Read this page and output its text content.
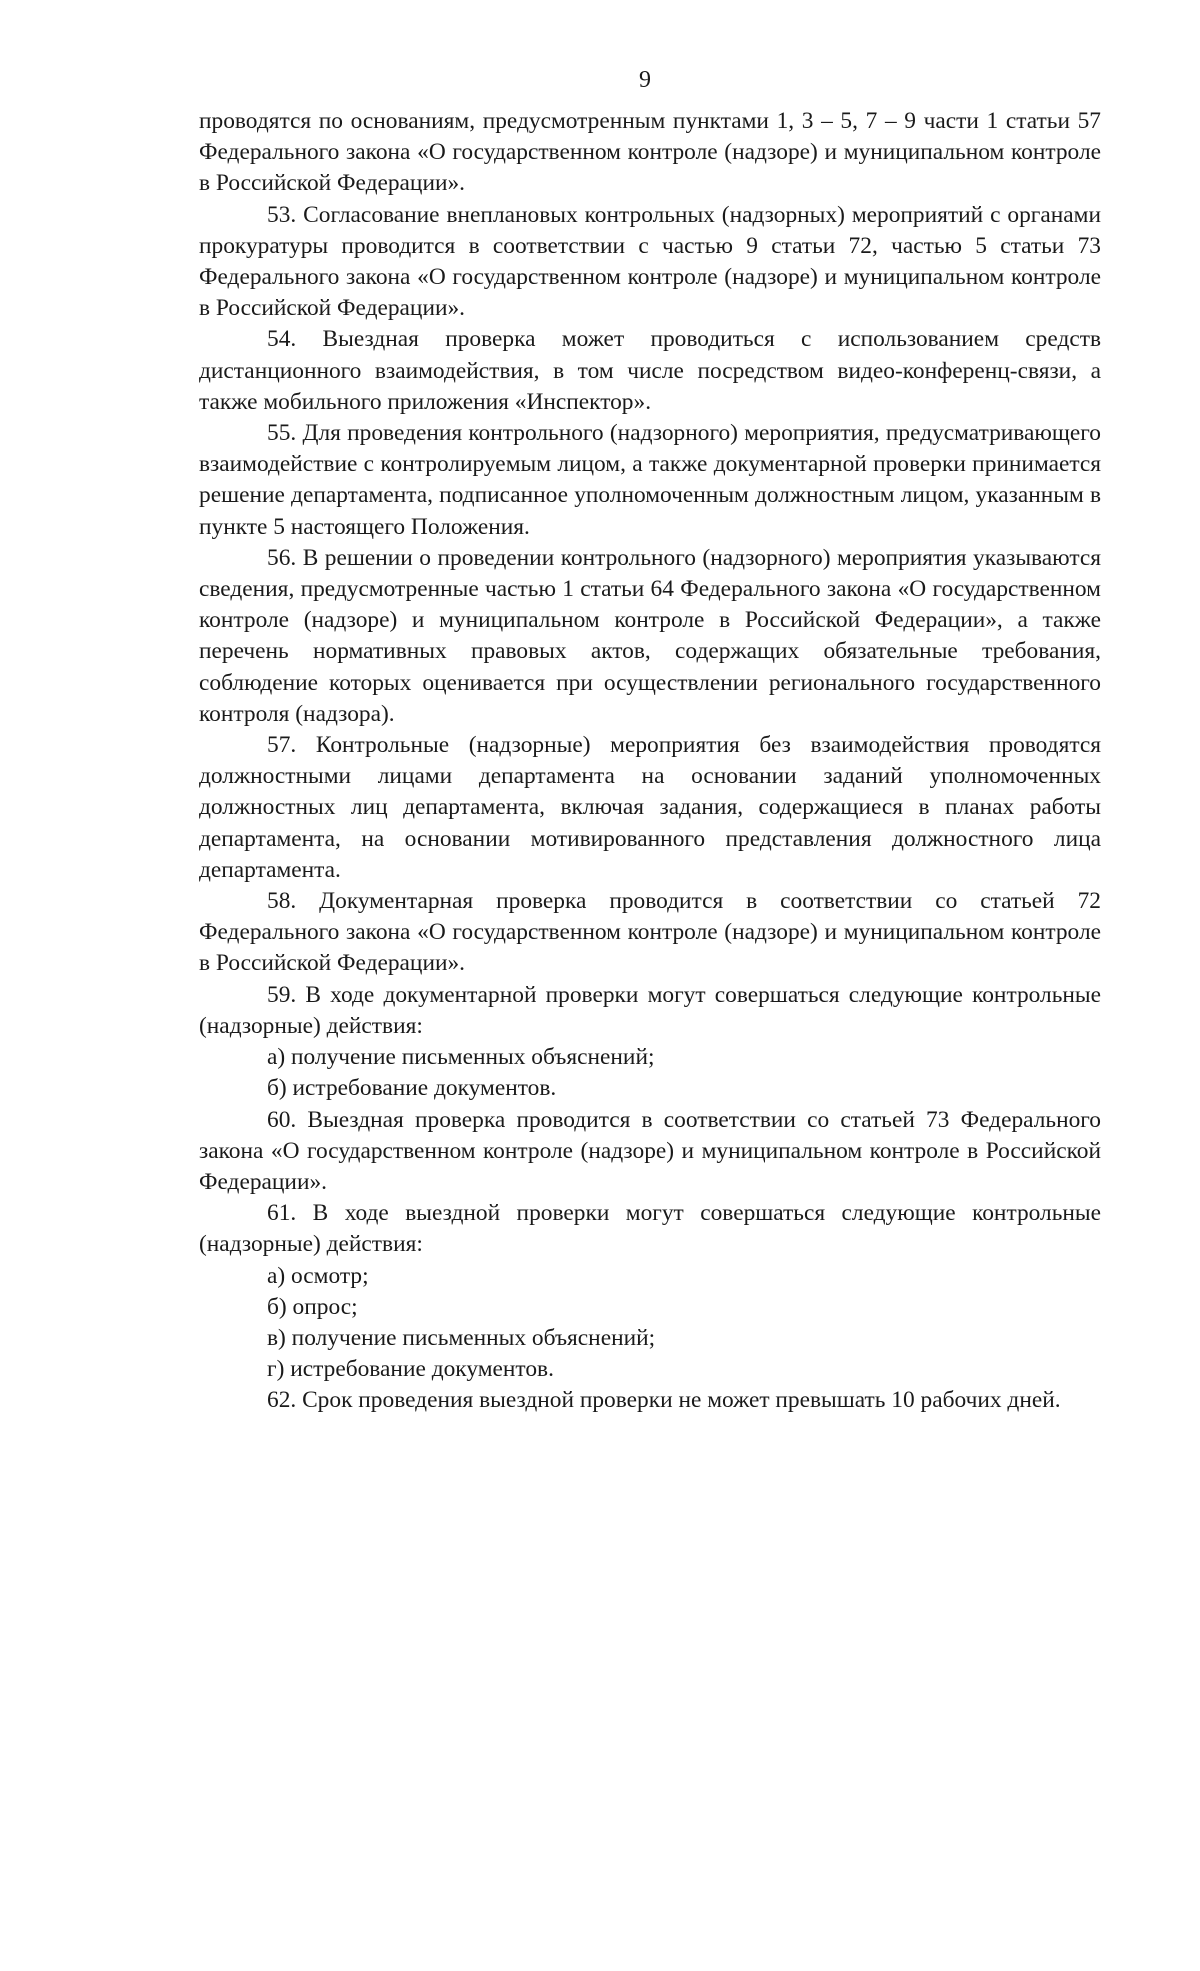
9

проводятся по основаниям, предусмотренным пунктами 1, 3 – 5, 7 – 9 части 1 статьи 57 Федерального закона «О государственном контроле (надзоре) и муниципальном контроле в Российской Федерации».

53. Согласование внеплановых контрольных (надзорных) мероприятий с органами прокуратуры проводится в соответствии с частью 9 статьи 72, частью 5 статьи 73 Федерального закона «О государственном контроле (надзоре) и муниципальном контроле в Российской Федерации».

54. Выездная проверка может проводиться с использованием средств дистанционного взаимодействия, в том числе посредством видео-конференц-связи, а также мобильного приложения «Инспектор».

55. Для проведения контрольного (надзорного) мероприятия, предусматривающего взаимодействие с контролируемым лицом, а также документарной проверки принимается решение департамента, подписанное уполномоченным должностным лицом, указанным в пункте 5 настоящего Положения.

56. В решении о проведении контрольного (надзорного) мероприятия указываются сведения, предусмотренные частью 1 статьи 64 Федерального закона «О государственном контроле (надзоре) и муниципальном контроле в Российской Федерации», а также перечень нормативных правовых актов, содержащих обязательные требования, соблюдение которых оценивается при осуществлении регионального государственного контроля (надзора).

57. Контрольные (надзорные) мероприятия без взаимодействия проводятся должностными лицами департамента на основании заданий уполномоченных должностных лиц департамента, включая задания, содержащиеся в планах работы департамента, на основании мотивированного представления должностного лица департамента.

58. Документарная проверка проводится в соответствии со статьей 72 Федерального закона «О государственном контроле (надзоре) и муниципальном контроле в Российской Федерации».

59. В ходе документарной проверки могут совершаться следующие контрольные (надзорные) действия:

а) получение письменных объяснений;

б) истребование документов.

60. Выездная проверка проводится в соответствии со статьей 73 Федерального закона «О государственном контроле (надзоре) и муниципальном контроле в Российской Федерации».

61. В ходе выездной проверки могут совершаться следующие контрольные (надзорные) действия:

а) осмотр;

б) опрос;

в) получение письменных объяснений;

г) истребование документов.

62. Срок проведения выездной проверки не может превышать 10 рабочих дней.
